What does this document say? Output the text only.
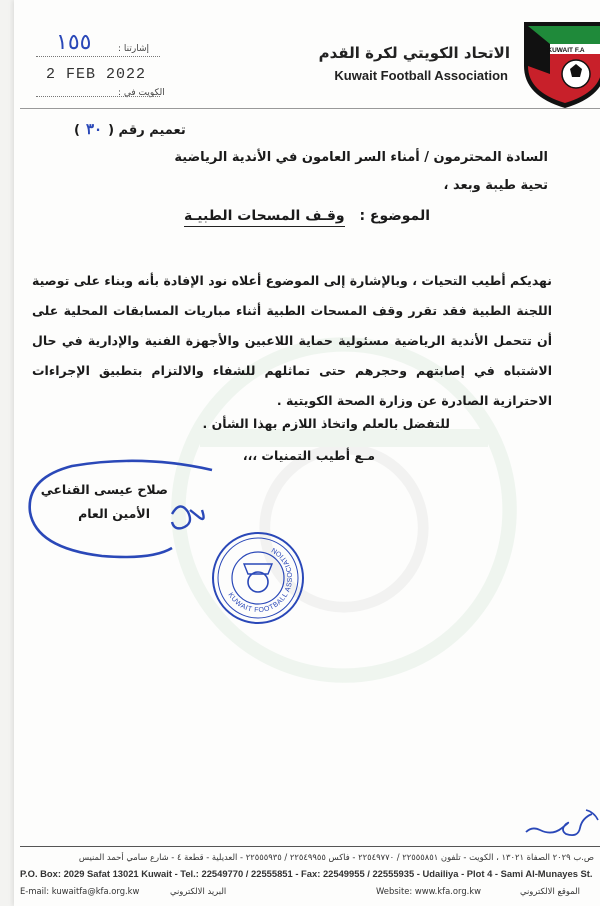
KUWAIT F.A
الاتحاد الكويتي لكرة القدم
Kuwait Football Association
إشارتنا :
١٥٥
الكويت في :
2 FEB 2022
تعميم رقم (٣٠)
السادة المحترمون / أمناء السر العامون في الأندية الرياضية
تحية طيبة وبعد ،
الموضوع : وقـف المسحات الطبيـة
نهديكم أطيب التحيات ، وبالإشارة إلى الموضوع أعلاه نود الإفادة بأنه وبناء على توصية اللجنة الطبية فقد تقرر وقف المسحات الطبية أثناء مباريات المسابقات المحلية على أن تتحمل الأندية الرياضية مسئولية حماية اللاعبين والأجهزة الفنية والإدارية في حال الاشتباه في إصابتهم وحجرهم حتى تماثلهم للشفاء والالتزام بتطبيق الإجراءات الاحترازية الصادرة عن وزارة الصحة الكويتية .
للتفضل بالعلم واتخاذ اللازم بهذا الشأن .
مـع أطيب التمنيات ،،،
صلاح عيسى القناعي
الأمين العام
KUWAIT FOOTBALL ASSOCIATION
ص.ب ٢٠٢٩ الصفاة ١٣٠٢١ ، الكويت - تلفون ٢٢٥٥٥٨٥١ / ٢٢٥٤٩٧٧٠ - فاكس ٢٢٥٤٩٩٥٥ / ٢٢٥٥٥٩٣٥ - العديلية - قطعة ٤ - شارع سامي أحمد المنيس
P.O. Box: 2029 Safat 13021 Kuwait - Tel.: 22549770 / 22555851 - Fax: 22549955 / 22555935 - Udailiya - Plot 4 - Sami Al-Munayes St.
E-mail: kuwaitfa@kfa.org.kw	البريد الالكتروني	Website: www.kfa.org.kw	الموقع الالكتروني
